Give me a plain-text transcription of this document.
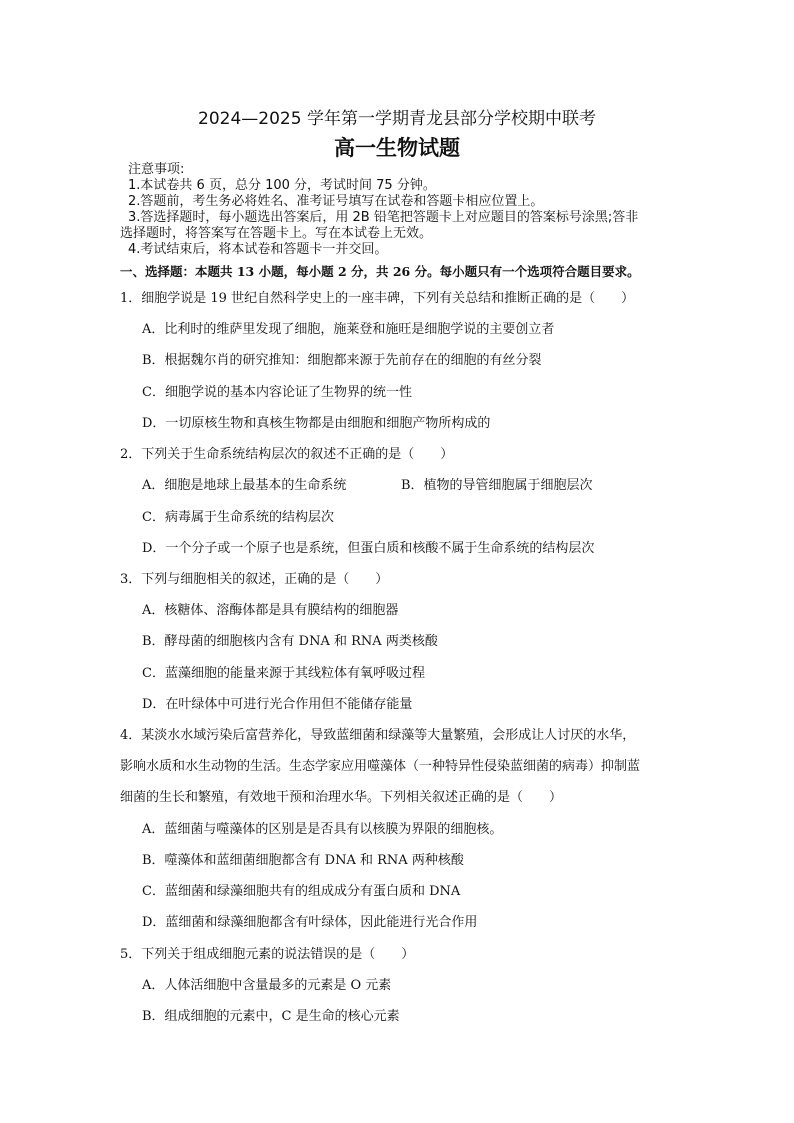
2024—2025 学年第一学期青龙县部分学校期中联考
高一生物试题
注意事项:
1.本试卷共 6 页，总分 100 分，考试时间 75 分钟。
2.答题前，考生务必将姓名、准考证号填写在试卷和答题卡相应位置上。
3.答选择题时，每小题选出答案后，用 2B 铅笔把答题卡上对应题目的答案标号涂黑;答非
选择题时，将答案写在答题卡上。写在本试卷上无效。
4.考试结束后，将本试卷和答题卡一并交回。
一、选择题：本题共 13 小题，每小题 2 分，共 26 分。每小题只有一个选项符合题目要求。
1．细胞学说是 19 世纪自然科学史上的一座丰碑，下列有关总结和推断正确的是（　　）
A．比利时的维萨里发现了细胞，施莱登和施旺是细胞学说的主要创立者
B．根据魏尔肖的研究推知：细胞都来源于先前存在的细胞的有丝分裂
C．细胞学说的基本内容论证了生物界的统一性
D．一切原核生物和真核生物都是由细胞和细胞产物所构成的
2．下列关于生命系统结构层次的叙述不正确的是（　　）
A．细胞是地球上最基本的生命系统	B．植物的导管细胞属于细胞层次
C．病毒属于生命系统的结构层次
D．一个分子或一个原子也是系统，但蛋白质和核酸不属于生命系统的结构层次
3．下列与细胞相关的叙述，正确的是（　　）
A．核糖体、溶酶体都是具有膜结构的细胞器
B．酵母菌的细胞核内含有 DNA 和 RNA 两类核酸
C．蓝藻细胞的能量来源于其线粒体有氧呼吸过程
D．在叶绿体中可进行光合作用但不能储存能量
4．某淡水水域污染后富营养化，导致蓝细菌和绿藻等大量繁殖，会形成让人讨厌的水华，
影响水质和水生动物的生活。生态学家应用噬藻体（一种特异性侵染蓝细菌的病毒）抑制蓝
细菌的生长和繁殖，有效地干预和治理水华。下列相关叙述正确的是（　　）
A．蓝细菌与噬藻体的区别是是否具有以核膜为界限的细胞核。
B．噬藻体和蓝细菌细胞都含有 DNA 和 RNA 两种核酸
C．蓝细菌和绿藻细胞共有的组成成分有蛋白质和 DNA
D．蓝细菌和绿藻细胞都含有叶绿体，因此能进行光合作用
5．下列关于组成细胞元素的说法错误的是（　　）
A．人体活细胞中含量最多的元素是 O 元素
B．组成细胞的元素中，C 是生命的核心元素
